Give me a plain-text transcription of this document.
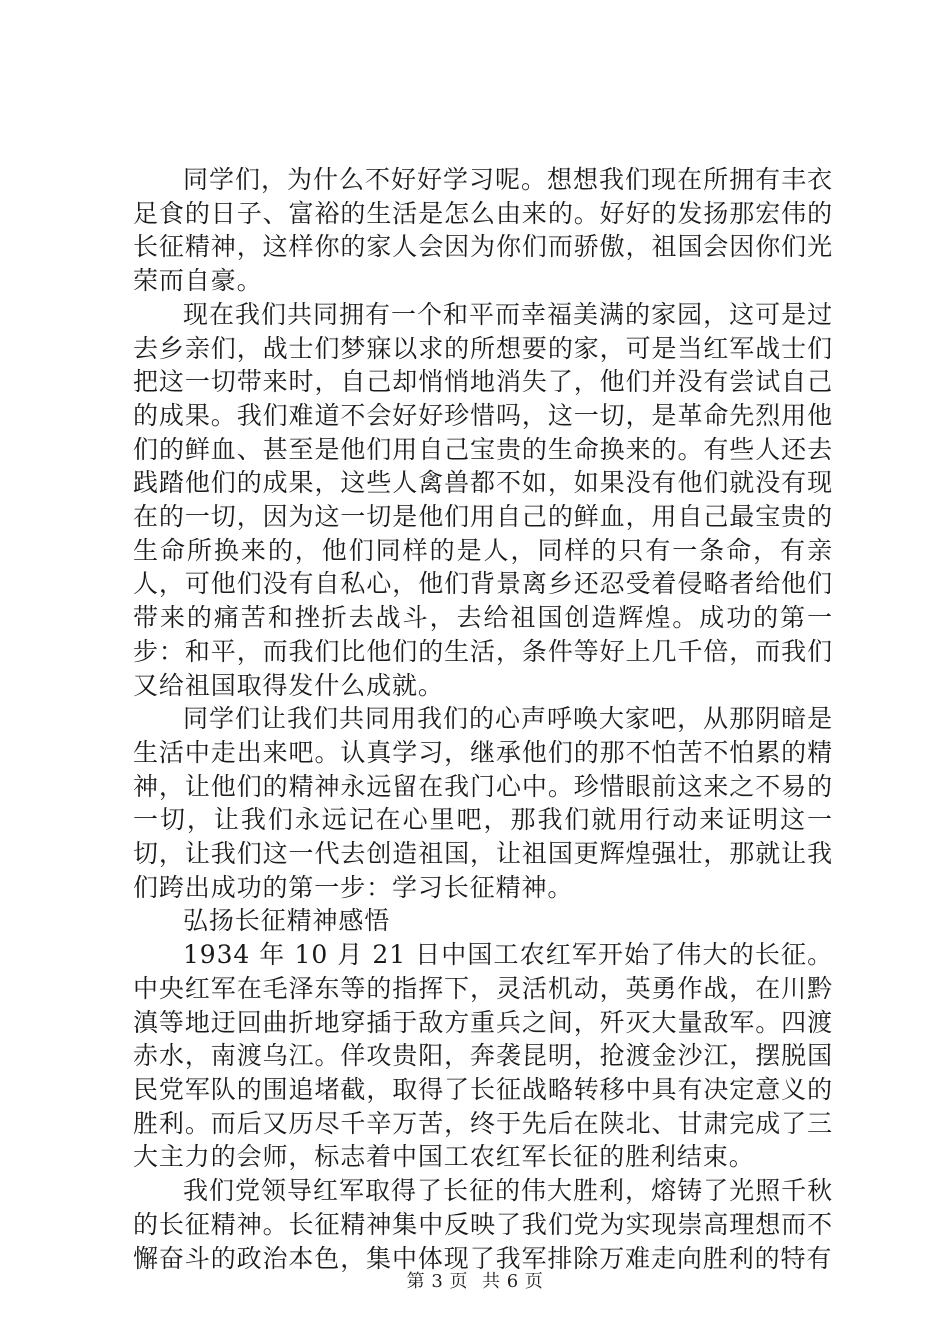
同学们，为什么不好好学习呢。想想我们现在所拥有丰衣足食的日子、富裕的生活是怎么由来的。好好的发扬那宏伟的长征精神，这样你的家人会因为你们而骄傲，祖国会因你们光荣而自豪。

现在我们共同拥有一个和平而幸福美满的家园，这可是过去乡亲们，战士们梦寐以求的所想要的家，可是当红军战士们把这一切带来时，自己却悄悄地消失了，他们并没有尝试自己的成果。我们难道不会好好珍惜吗，这一切，是革命先烈用他们的鲜血、甚至是他们用自己宝贵的生命换来的。有些人还去践踏他们的成果，这些人禽兽都不如，如果没有他们就没有现在的一切，因为这一切是他们用自己的鲜血，用自己最宝贵的生命所换来的，他们同样的是人，同样的只有一条命，有亲人，可他们没有自私心，他们背景离乡还忍受着侵略者给他们带来的痛苦和挫折去战斗，去给祖国创造辉煌。成功的第一步：和平，而我们比他们的生活，条件等好上几千倍，而我们又给祖国取得发什么成就。

同学们让我们共同用我们的心声呼唤大家吧，从那阴暗是生活中走出来吧。认真学习，继承他们的那不怕苦不怕累的精神，让他们的精神永远留在我门心中。珍惜眼前这来之不易的一切，让我们永远记在心里吧，那我们就用行动来证明这一切，让我们这一代去创造祖国，让祖国更辉煌强壮，那就让我们跨出成功的第一步：学习长征精神。

弘扬长征精神感悟

1934 年 10 月 21 日中国工农红军开始了伟大的长征。中央红军在毛泽东等的指挥下，灵活机动，英勇作战，在川黔滇等地迂回曲折地穿插于敌方重兵之间，歼灭大量敌军。四渡赤水，南渡乌江。佯攻贵阳，奔袭昆明，抢渡金沙江，摆脱国民党军队的围追堵截，取得了长征战略转移中具有决定意义的胜利。而后又历尽千辛万苦，终于先后在陕北、甘肃完成了三大主力的会师，标志着中国工农红军长征的胜利结束。

我们党领导红军取得了长征的伟大胜利，熔铸了光照千秋的长征精神。长征精神集中反映了我们党为实现崇高理想而不懈奋斗的政治本色，集中体现了我军排除万难走向胜利的特有

第 3 页 共 6 页
